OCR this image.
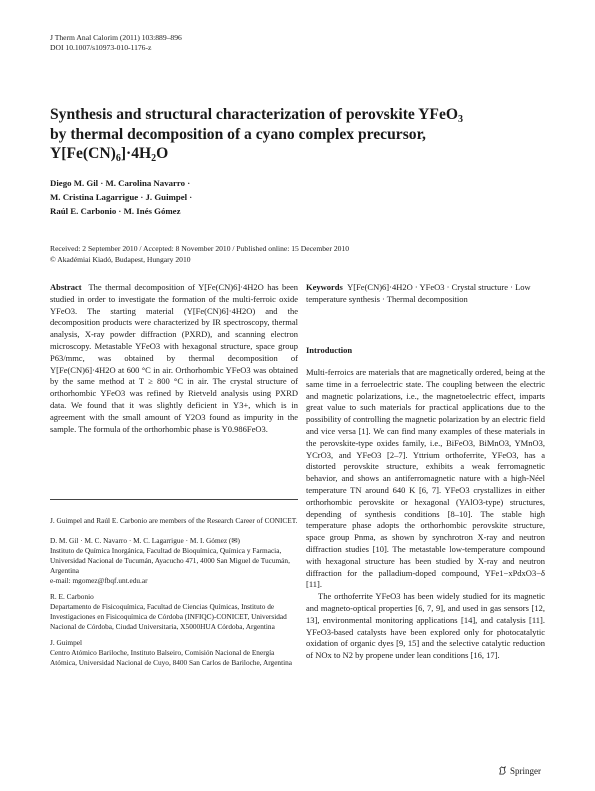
J Therm Anal Calorim (2011) 103:889–896
DOI 10.1007/s10973-010-1176-z
Synthesis and structural characterization of perovskite YFeO$_3$
by thermal decomposition of a cyano complex precursor,
$Y[Fe(CN)_6]\cdot 4H_2O$
Diego M. Gil · M. Carolina Navarro ·
M. Cristina Lagarrigue · J. Guimpel ·
Raúl E. Carbonio · M. Inés Gómez
Received: 2 September 2010 / Accepted: 8 November 2010 / Published online: 15 December 2010
© Akadémiai Kiadó, Budapest, Hungary 2010

Abstract The thermal decomposition of Y[Fe(CN)6]·4H2O has been studied in order to investigate the formation of the multi-ferroic oxide YFeO3. The starting material (Y[Fe(CN)6]·4H2O) and the decomposition products were characterized by IR spectroscopy, thermal analysis, X-ray powder diffraction (PXRD), and scanning electron microscopy. Metastable YFeO3 with hexagonal structure, space group P63/mmc, was obtained by thermal decomposition of Y[Fe(CN)6]·4H2O at 600 °C in air. Orthorhombic YFeO3 was obtained by the same method at T ≥ 800 °C in air. The crystal structure of orthorhombic YFeO3 was refined by Rietveld analysis using PXRD data. We found that it was slightly deficient in Y3+, which is in agreement with the small amount of Y2O3 found as impurity in the sample. The formula of the orthorhombic phase is Y0.986FeO3.

J. Guimpel and Raúl E. Carbonio are members of the Research Career of CONICET.
D. M. Gil · M. C. Navarro · M. C. Lagarrigue · M. I. Gómez (✉)
Instituto de Química Inorgánica, Facultad de Bioquímica, Química y Farmacia, Universidad Nacional de Tucumán, Ayacucho 471, 4000 San Miguel de Tucumán, Argentina
e-mail: mgomez@fbqf.unt.edu.ar
R. E. Carbonio
Departamento de Fisicoquímica, Facultad de Ciencias Químicas, Instituto de Investigaciones en Fisicoquímica de Córdoba (INFIQC)-CONICET, Universidad Nacional de Córdoba, Ciudad Universitaria, X5000HUA Córdoba, Argentina
J. Guimpel
Centro Atómico Bariloche, Instituto Balseiro, Comisión Nacional de Energía Atómica, Universidad Nacional de Cuyo, 8400 San Carlos de Bariloche, Argentina

Keywords Y[Fe(CN)6]·4H2O · YFeO3 · Crystal structure · Low temperature synthesis · Thermal decomposition

Introduction

Multi-ferroics are materials that are magnetically ordered, being at the same time in a ferroelectric state. The coupling between the electric and magnetic polarizations, i.e., the magnetoelectric effect, imparts great value to such materials for practical applications due to the possibility of controlling the magnetic polarization by an electric field and vice versa [1]. We can find many examples of these materials in the perovskite-type oxides family, i.e., BiFeO3, BiMnO3, YMnO3, YCrO3, and YFeO3 [2–7]. Yttrium orthoferrite, YFeO3, has a distorted perovskite structure, exhibits a weak ferromagnetic behavior, and shows an antiferromagnetic nature with a high-Néel temperature TN around 640 K [6, 7]. YFeO3 crystallizes in either orthorhombic perovskite or hexagonal (YAlO3-type) structures, depending of synthesis conditions [8–10]. The stable high temperature phase adopts the orthorhombic perovskite structure, space group Pnma, as shown by synchrotron X-ray and neutron diffraction studies [10]. The metastable low-temperature compound with hexagonal structure has been studied by X-ray and neutron diffraction for the palladium-doped compound, YFe1−xPdxO3−δ [11].

The orthoferrite YFeO3 has been widely studied for its magnetic and magneto-optical properties [6, 7, 9], and used in gas sensors [12, 13], environmental monitoring applications [14], and catalysis [11]. YFeO3-based catalysts have been explored only for photocatalytic oxidation of organic dyes [9, 15] and the selective catalytic reduction of NOx to N2 by propene under lean conditions [16, 17].

Springer
